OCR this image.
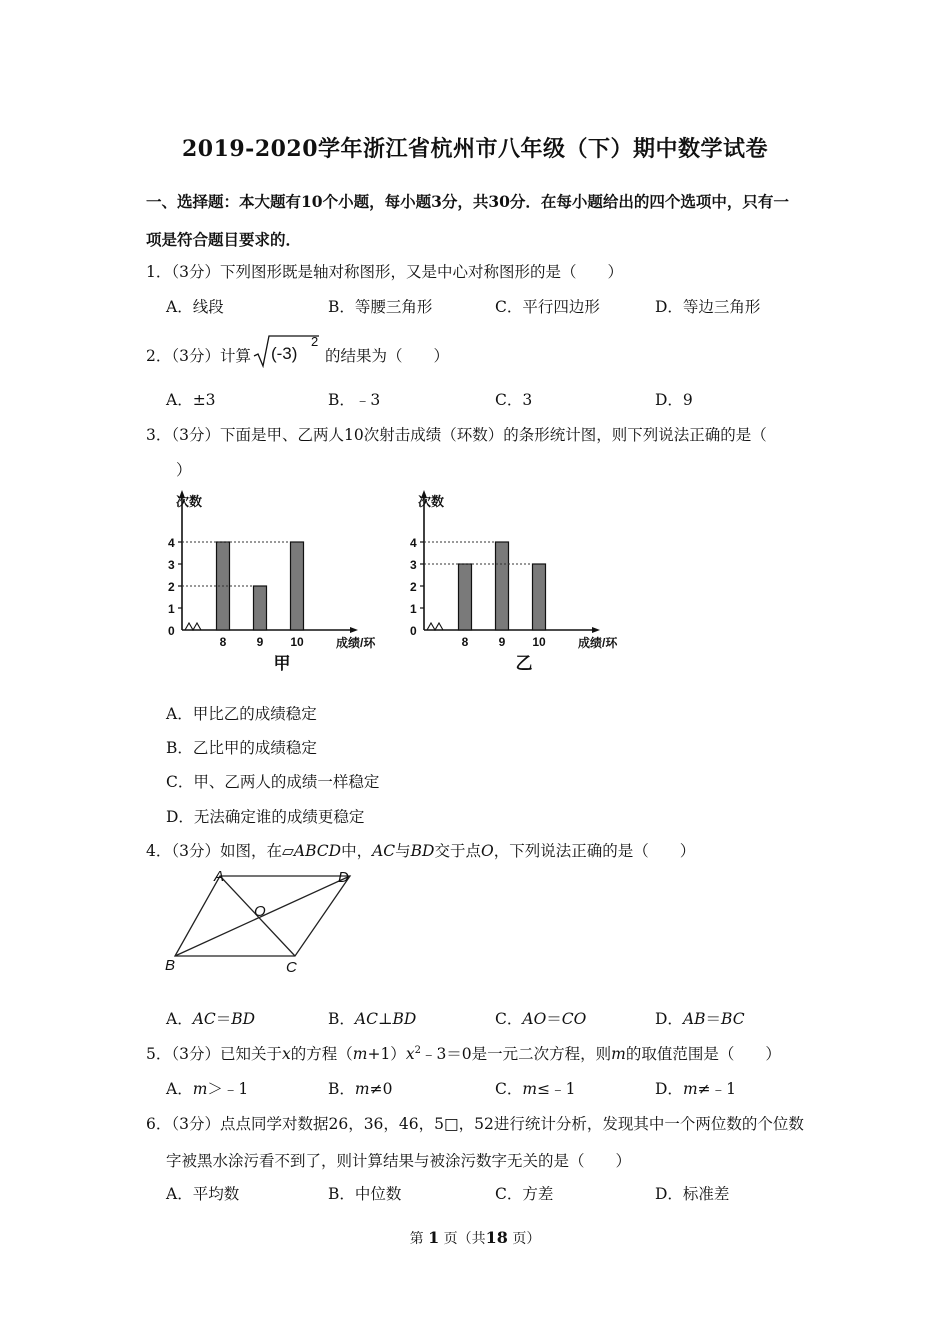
2019-2020学年浙江省杭州市八年级（下）期中数学试卷
一、选择题：本大题有10个小题，每小题3分，共30分．在每小题给出的四个选项中，只有一
项是符合题目要求的．
1．（3分）下列图形既是轴对称图形，又是中心对称图形的是（　　）
A．线段	B．等腰三角形	C．平行四边形	D．等边三角形
2．（3分）计算 (-3)
2
的结果为（　　）
A．±3	B．﹣3	C．3	D．9
3．（3分）下面是甲、乙两人10次射击成绩（环数）的条形统计图，则下列说法正确的是（
）
0
1
2
3
4
次数
8	9 10	成绩/环
甲
0
1
2
3
4
次数
8	9 10	成绩/环
乙
A．甲比乙的成绩稳定
B．乙比甲的成绩稳定
C．甲、乙两人的成绩一样稳定
D．无法确定谁的成绩更稳定
4．（3分）如图，在▱ABCD中，AC与BD交于点O，下列说法正确的是（　　）
A	D
O
B	C
A．AC＝BD	B．AC⊥BD	C．AO＝CO	D．AB＝BC
5．（3分）已知关于x的方程$(m+1)x^2﹣3=0$是一元二次方程，则m的取值范围是（　　）
A．m＞﹣1	B．m≠0	C．m≤﹣1	D．m≠﹣1
6．（3分）点点同学对数据26，36，46，5□，52进行统计分析，发现其中一个两位数的个位数
字被黑水涂污看不到了，则计算结果与被涂污数字无关的是（　　）
A．平均数	B．中位数	C．方差	D．标准差
第 1 页（共18 页）
